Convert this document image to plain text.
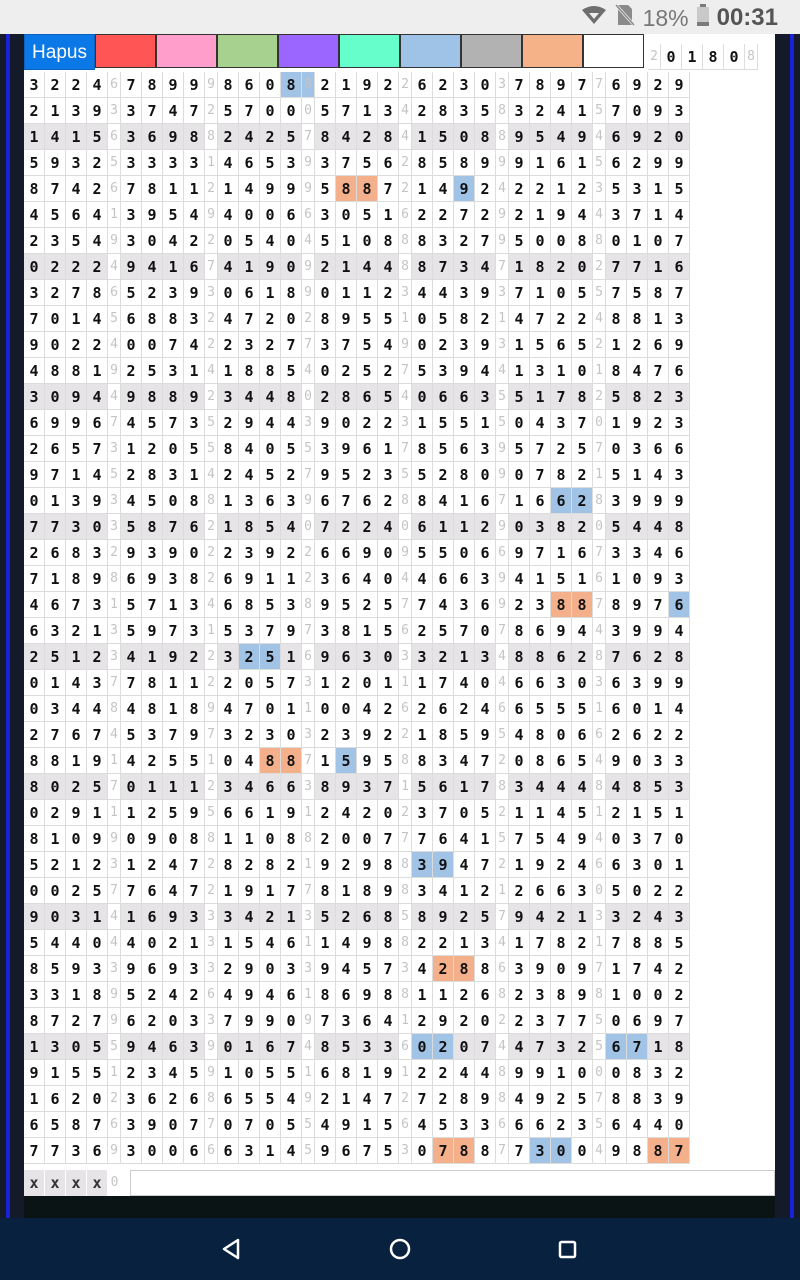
18% 00:31
Hapus	2 0 1 8 0 8
3 2 2 4 6 7 8 9 9 9 8 6 0 8 8 2 1 9 2 2 6 2 3 0 3 7 8 9 7 7 6 9 2 9
2 1 3 9 3 3 7 4 7 2 5 7 0 0 0 5 7 1 3 4 2 8 3 5 8 3 2 4 1 5 7 0 9 3
1 4 1 5 6 3 6 9 8 8 2 4 2 5 7 8 4 2 8 4 1 5 0 8 8 9 5 4 9 4 6 9 2 0
5 9 3 2 5 3 3 3 3 1 4 6 5 3 9 3 7 5 6 2 8 5 8 9 9 9 1 6 1 5 6 2 9 9
8 7 4 2 6 7 8 1 1 2 1 4 9 9 9 5 8 8 7 2 1 4 9 2 4 2 2 1 2 3 5 3 1 5
4 5 6 4 1 3 9 5 4 9 4 0 0 6 6 3 0 5 1 6 2 2 7 2 9 2 1 9 4 4 3 7 1 4
2 3 5 4 9 3 0 4 2 2 0 5 4 0 4 5 1 0 8 8 8 3 2 7 9 5 0 0 8 8 0 1 0 7
0 2 2 2 4 9 4 1 6 7 4 1 9 0 9 2 1 4 4 8 8 7 3 4 7 1 8 2 0 2 7 7 1 6
3 2 7 8 6 5 2 3 9 3 0 6 1 8 9 0 1 1 2 3 4 4 3 9 3 7 1 0 5 5 7 5 8 7
7 0 1 4 5 6 8 8 3 2 4 7 2 0 2 8 9 5 5 1 0 5 8 2 1 4 7 2 2 4 8 8 1 3
9 0 2 2 4 0 0 7 4 2 2 3 2 7 7 3 7 5 4 9 0 2 3 9 3 1 5 6 5 2 1 2 6 9
4 8 8 1 9 2 5 3 1 4 1 8 8 5 4 0 2 5 2 7 5 3 9 4 4 1 3 1 0 1 8 4 7 6
3 0 9 4 4 9 8 8 9 2 3 4 4 8 0 2 8 6 5 4 0 6 6 3 5 5 1 7 8 2 5 8 2 3
6 9 9 6 7 4 5 7 3 5 2 9 4 4 3 9 0 2 2 3 1 5 5 1 5 0 4 3 7 0 1 9 2 3
2 6 5 7 3 1 2 0 5 5 8 4 0 5 5 3 9 6 1 7 8 5 6 3 9 5 7 2 5 7 0 3 6 6
9 7 1 4 5 2 8 3 1 4 2 4 5 2 7 9 5 2 3 5 5 2 8 0 9 0 7 8 2 1 5 1 4 3
0 1 3 9 3 4 5 0 8 8 1 3 6 3 9 6 7 6 2 8 8 4 1 6 7 1 6 6 2 8 3 9 9 9
7 7 3 0 3 5 8 7 6 2 1 8 5 4 0 7 2 2 4 0 6 1 1 2 9 0 3 8 2 0 5 4 4 8
2 6 8 3 2 9 3 9 0 2 2 3 9 2 2 6 6 9 0 9 5 5 0 6 6 9 7 1 6 7 3 3 4 6
7 1 8 9 8 6 9 3 8 2 6 9 1 1 2 3 6 4 0 4 4 6 6 3 9 4 1 5 1 6 1 0 9 3
4 6 7 3 1 5 7 1 3 4 6 8 5 3 8 9 5 2 5 7 7 4 3 6 9 2 3 8 8 7 8 9 7 6
6 3 2 1 3 5 9 7 3 1 5 3 7 9 7 3 8 1 5 6 2 5 7 0 7 8 6 9 4 4 3 9 9 4
2 5 1 2 3 4 1 9 2 2 3 2 5 1 6 9 6 3 0 3 3 2 1 3 4 8 8 6 2 8 7 6 2 8
0 1 4 3 7 7 8 1 1 2 2 0 5 7 3 1 2 0 1 1 1 7 4 0 4 6 6 3 0 3 6 3 9 9
0 3 4 4 8 4 8 1 8 9 4 7 0 1 1 0 0 4 2 6 2 6 2 4 6 6 5 5 5 1 6 0 1 4
2 7 6 7 4 5 3 7 9 7 3 2 3 0 3 2 3 9 2 2 1 8 5 9 5 4 8 0 6 6 2 6 2 2
8 8 1 9 1 4 2 5 5 1 0 4 8 8 7 1 5 9 5 8 8 3 4 7 2 0 8 6 5 4 9 0 3 3
8 0 2 5 7 0 1 1 1 2 3 4 6 6 3 8 9 3 7 1 5 6 1 7 8 3 4 4 4 8 4 8 5 3
0 2 9 1 1 1 2 5 9 5 6 6 1 9 1 2 4 2 0 2 3 7 0 5 2 1 1 4 5 1 2 1 5 1
8 1 0 9 9 0 9 0 8 8 1 1 0 8 8 2 0 0 7 7 7 6 4 1 5 7 5 4 9 4 0 3 7 0
5 2 1 2 3 1 2 4 7 2 8 2 8 2 1 9 2 9 8 8 3 9 4 7 2 1 9 2 4 6 6 3 0 1
0 0 2 5 7 7 6 4 7 2 1 9 1 7 7 8 1 8 9 8 3 4 1 2 1 2 6 6 3 0 5 0 2 2
9 0 3 1 4 1 6 9 3 3 3 4 2 1 3 5 2 6 8 5 8 9 2 5 7 9 4 2 1 3 3 2 4 3
5 4 4 0 4 4 0 2 1 3 1 5 4 6 1 1 4 9 8 8 2 2 1 3 4 1 7 8 2 1 7 8 8 5
8 5 9 3 3 9 6 9 3 3 2 9 0 3 3 9 4 5 7 3 4 2 8 8 6 3 9 0 9 7 1 7 4 2
3 3 1 8 9 5 2 4 2 6 4 9 4 6 1 8 6 9 8 8 1 1 2 6 8 2 3 8 9 8 1 0 0 2
8 7 2 7 9 6 2 0 3 3 7 9 9 0 9 7 3 6 4 1 2 9 2 0 2 2 3 7 7 5 0 6 9 7
1 3 0 5 5 9 4 6 3 9 0 1 6 7 4 8 5 3 3 6 0 2 0 7 4 4 7 3 2 5 6 7 1 8
9 1 5 5 1 2 3 4 5 9 1 0 5 5 1 6 8 1 9 1 2 2 4 4 8 9 9 1 0 0 0 8 3 2
1 6 2 0 2 3 6 2 6 8 6 5 5 4 9 2 1 4 7 2 7 2 8 9 8 4 9 2 5 7 8 8 3 9
6 5 8 7 6 3 9 0 7 7 0 7 0 5 5 4 9 1 5 6 4 5 3 3 6 6 6 2 3 5 6 4 4 0
7 7 3 6 9 3 0 0 6 6 6 3 1 4 5 9 6 7 5 3 0 7 8 8 7 7 3 0 0 4 9 8 8 7
x x x x 0
